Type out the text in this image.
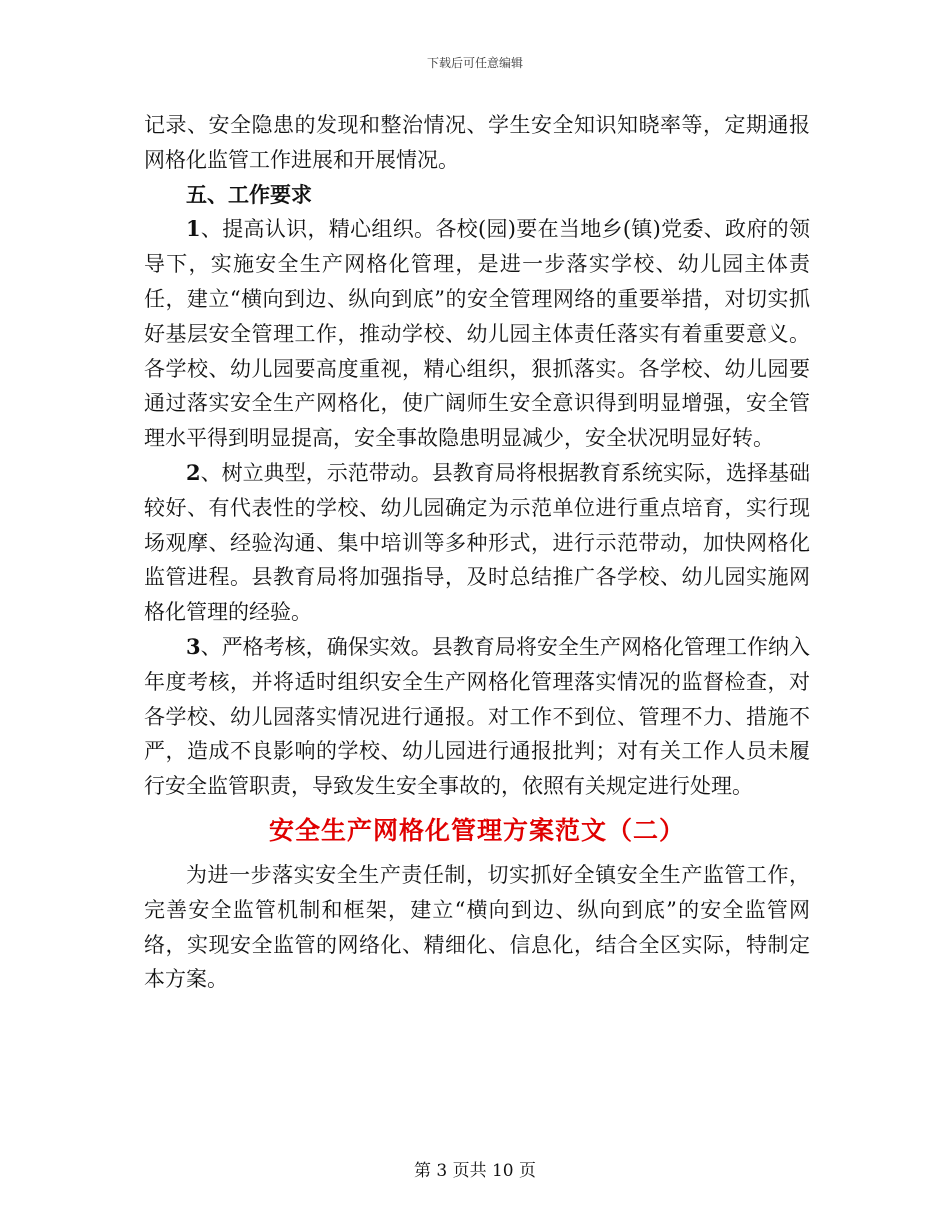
下载后可任意编辑

记录、安全隐患的发现和整治情况、学生安全知识知晓率等，定期通报网格化监管工作进展和开展情况。

五、工作要求

1、提高认识，精心组织。各校(园)要在当地乡(镇)党委、政府的领导下，实施安全生产网格化管理，是进一步落实学校、幼儿园主体责任，建立“横向到边、纵向到底”的安全管理网络的重要举措，对切实抓好基层安全管理工作，推动学校、幼儿园主体责任落实有着重要意义。各学校、幼儿园要高度重视，精心组织，狠抓落实。各学校、幼儿园要通过落实安全生产网格化，使广阔师生安全意识得到明显增强，安全管理水平得到明显提高，安全事故隐患明显减少，安全状况明显好转。

2、树立典型，示范带动。县教育局将根据教育系统实际，选择基础较好、有代表性的学校、幼儿园确定为示范单位进行重点培育，实行现场观摩、经验沟通、集中培训等多种形式，进行示范带动，加快网格化监管进程。县教育局将加强指导，及时总结推广各学校、幼儿园实施网格化管理的经验。

3、严格考核，确保实效。县教育局将安全生产网格化管理工作纳入年度考核，并将适时组织安全生产网格化管理落实情况的监督检查，对各学校、幼儿园落实情况进行通报。对工作不到位、管理不力、措施不严，造成不良影响的学校、幼儿园进行通报批判；对有关工作人员未履行安全监管职责，导致发生安全事故的，依照有关规定进行处理。

安全生产网格化管理方案范文（二）

为进一步落实安全生产责任制，切实抓好全镇安全生产监管工作，完善安全监管机制和框架，建立“横向到边、纵向到底”的安全监管网络，实现安全监管的网络化、精细化、信息化，结合全区实际，特制定本方案。

第 3 页共 10 页
